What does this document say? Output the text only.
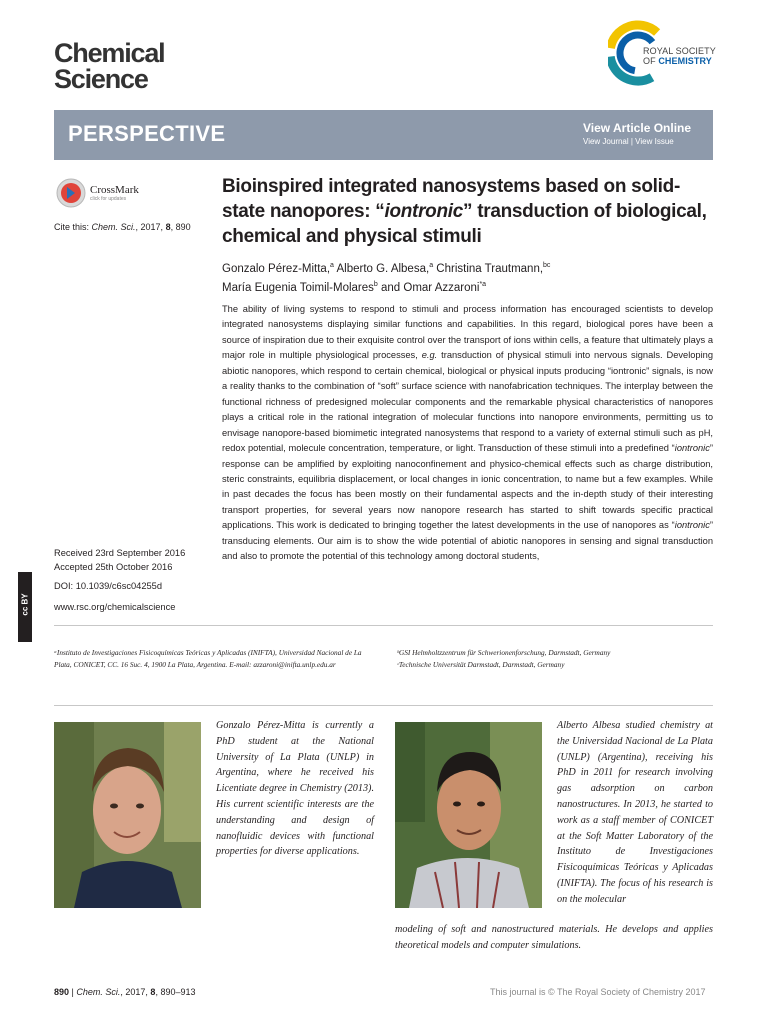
Chemical
Science
ROYAL SOCIETY
OF CHEMISTRY
PERSPECTIVE	View Article Online
View Journal | View Issue
CrossMark
click for updates
Cite this: Chem. Sci., 2017, 8, 890
Bioinspired integrated nanosystems based on solid-state nanopores: “iontronic” transduction of biological, chemical and physical stimuli
Gonzalo Pérez-Mitta,$^a$ Alberto G. Albesa,$^a$ Christina Trautmann,$^{bc}$
María Eugenia Toimil-Molares$^b$ and Omar Azzaroni$^{*a}$
The ability of living systems to respond to stimuli and process information has encouraged scientists to develop integrated nanosystems displaying similar functions and capabilities. In this regard, biological pores have been a source of inspiration due to their exquisite control over the transport of ions within cells, a feature that ultimately plays a major role in multiple physiological processes, e.g. transduction of physical stimuli into nervous signals. Developing abiotic nanopores, which respond to certain chemical, biological or physical inputs producing “iontronic” signals, is now a reality thanks to the combination of “soft” surface science with nanofabrication techniques. The interplay between the functional richness of predesigned molecular components and the remarkable physical characteristics of nanopores plays a critical role in the rational integration of molecular functions into nanopore environments, permitting us to envisage nanopore-based biomimetic integrated nanosystems that respond to a variety of external stimuli such as pH, redox potential, molecule concentration, temperature, or light. Transduction of these stimuli into a predefined “iontronic” response can be amplified by exploiting nanoconfinement and physico-chemical effects such as charge distribution, steric constraints, equilibria displacement, or local changes in ionic concentration, to name but a few examples. While in past decades the focus has been mostly on their fundamental aspects and the in-depth study of their interesting transport properties, for several years now nanopore research has started to shift towards specific practical applications. This work is dedicated to bringing together the latest developments in the use of nanopores as “iontronic” transducing elements. Our aim is to show the wide potential of abiotic nanopores in sensing and signal transduction and also to promote the potential of this technology among doctoral students,
Received 23rd September 2016
Accepted 25th October 2016
DOI: 10.1039/c6sc04255d
www.rsc.org/chemicalscience
cc BY
ᵃInstituto de Investigaciones Fisicoquímicas Teóricas y Aplicadas (INIFTA), Universidad Nacional de La Plata, CONICET, CC. 16 Suc. 4, 1900 La Plata, Argentina. E-mail: azzaroni@inifta.unlp.edu.ar
ᵇGSI Helmholtzzentrum für Schwerionenforschung, Darmstadt, Germany
ᶜTechnische Universität Darmstadt, Darmstadt, Germany
Gonzalo Pérez-Mitta is currently a PhD student at the National University of La Plata (UNLP) in Argentina, where he received his Licentiate degree in Chemistry (2013). His current scientific interests are the understanding and design of nanofluidic devices with functional properties for diverse applications.
Alberto Albesa studied chemistry at the Universidad Nacional de La Plata (UNLP) (Argentina), receiving his PhD in 2011 for research involving gas adsorption on carbon nanostructures. In 2013, he started to work as a staff member of CONICET at the Soft Matter Laboratory of the Instituto de Investigaciones Fisicoquímicas Teóricas y Aplicadas (INIFTA). The focus of his research is on the molecular
modeling of soft and nanostructured materials. He develops and applies theoretical models and computer simulations.
890 | Chem. Sci., 2017, 8, 890–913	This journal is © The Royal Society of Chemistry 2017
